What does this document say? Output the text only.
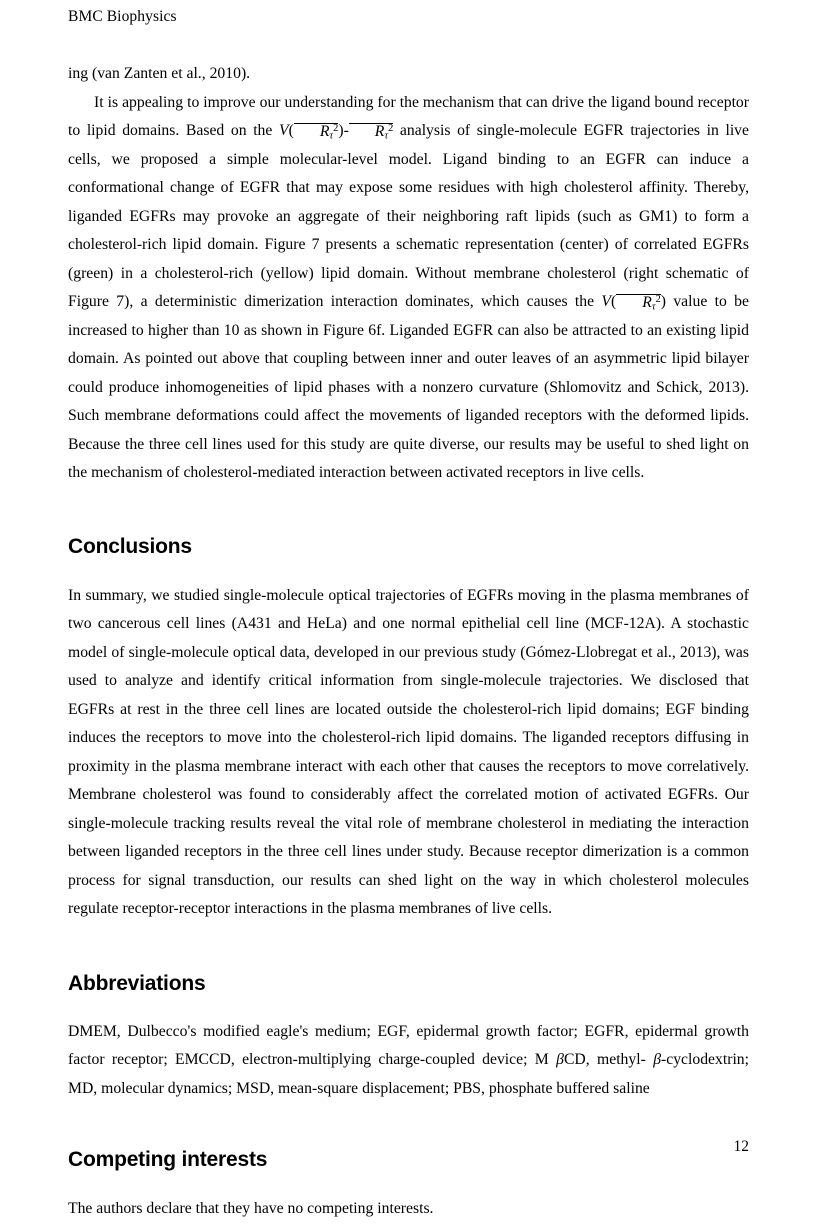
BMC Biophysics

ing (van Zanten et al., 2010).

It is appealing to improve our understanding for the mechanism that can drive the ligand bound receptor to lipid domains. Based on the V( $R_\tau^2)-$ $R_\tau^2$ analysis of single-molecule EGFR trajectories in live cells, we proposed a simple molecular-level model. Ligand binding to an EGFR can induce a conformational change of EGFR that may expose some residues with high cholesterol affinity. Thereby, liganded EGFRs may provoke an aggregate of their neighboring raft lipids (such as GM1) to form a cholesterol-rich lipid domain. Figure 7 presents a schematic representation (center) of correlated EGFRs (green) in a cholesterol-rich (yellow) lipid domain. Without membrane cholesterol (right schematic of Figure 7), a deterministic dimerization interaction dominates, which causes the V( $R_\tau^2$) value to be increased to higher than 10 as shown in Figure 6f. Liganded EGFR can also be attracted to an existing lipid domain. As pointed out above that coupling between inner and outer leaves of an asymmetric lipid bilayer could produce inhomogeneities of lipid phases with a nonzero curvature (Shlomovitz and Schick, 2013). Such membrane deformations could affect the movements of liganded receptors with the deformed lipids. Because the three cell lines used for this study are quite diverse, our results may be useful to shed light on the mechanism of cholesterol-mediated interaction between activated receptors in live cells.

Conclusions

In summary, we studied single-molecule optical trajectories of EGFRs moving in the plasma membranes of two cancerous cell lines (A431 and HeLa) and one normal epithelial cell line (MCF-12A). A stochastic model of single-molecule optical data, developed in our previous study (Gómez-Llobregat et al., 2013), was used to analyze and identify critical information from single-molecule trajectories. We disclosed that EGFRs at rest in the three cell lines are located outside the cholesterol-rich lipid domains; EGF binding induces the receptors to move into the cholesterol-rich lipid domains. The liganded receptors diffusing in proximity in the plasma membrane interact with each other that causes the receptors to move correlatively. Membrane cholesterol was found to considerably affect the correlated motion of activated EGFRs. Our single-molecule tracking results reveal the vital role of membrane cholesterol in mediating the interaction between liganded receptors in the three cell lines under study. Because receptor dimerization is a common process for signal transduction, our results can shed light on the way in which cholesterol molecules regulate receptor-receptor interactions in the plasma membranes of live cells.

Abbreviations

DMEM, Dulbecco's modified eagle's medium; EGF, epidermal growth factor; EGFR, epidermal growth factor receptor; EMCCD, electron-multiplying charge-coupled device; M βCD, methyl- β-cyclodextrin; MD, molecular dynamics; MSD, mean-square displacement; PBS, phosphate buffered saline

Competing interests

The authors declare that they have no competing interests.

12
